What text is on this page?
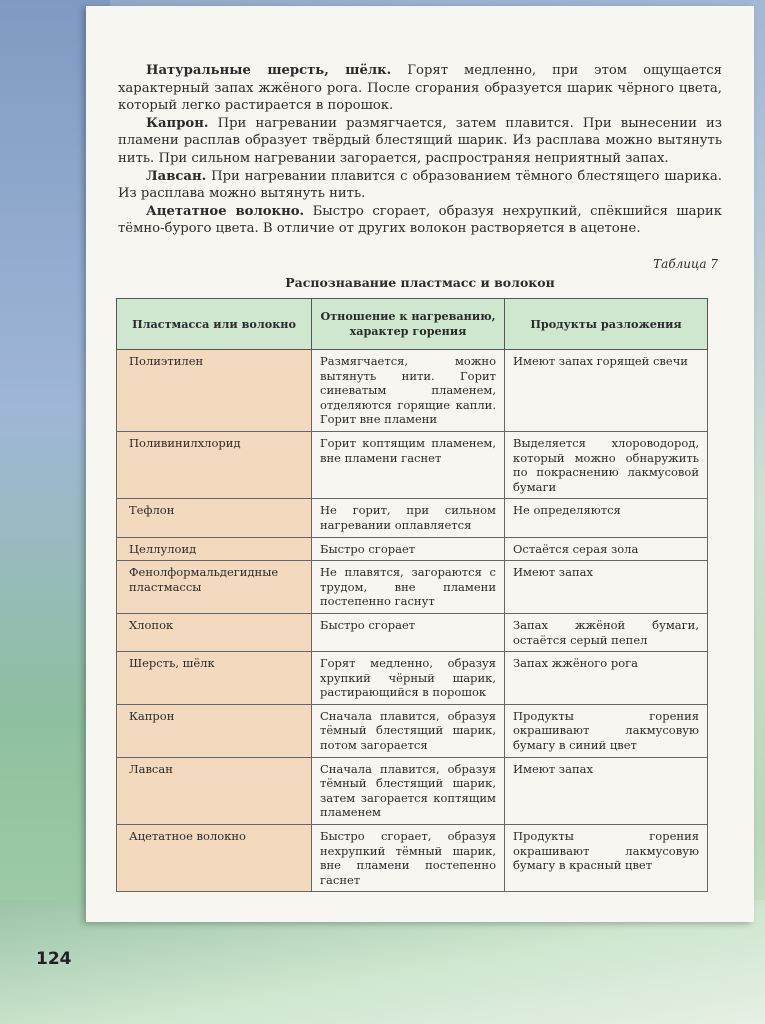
Натуральные шерсть, шёлк. Горят медленно, при этом ощущается характерный запах жжёного рога. После сгорания образуется шарик чёрного цвета, который легко растирается в порошок.

Капрон. При нагревании размягчается, затем плавится. При вынесении из пламени расплав образует твёрдый блестящий шарик. Из расплава можно вытянуть нить. При сильном нагревании загорается, распространяя неприятный запах.

Лавсан. При нагревании плавится с образованием тёмного блестящего шарика. Из расплава можно вытянуть нить.

Ацетатное волокно. Быстро сгорает, образуя нехрупкий, спёкшийся шарик тёмно-бурого цвета. В отличие от других волокон растворяется в ацетоне.

Таблица 7
Распознавание пластмасс и волокон
Пластмасса или волокно	Отношение к нагреванию, характер горения	Продукты разложения
Полиэтилен	Размягчается, можно вытянуть нити. Горит синеватым пламенем, отделяются горящие капли. Горит вне пламени	Имеют запах горящей свечи
Поливинилхлорид	Горит коптящим пламенем, вне пламени гаснет	Выделяется хлороводород, который можно обнаружить по покраснению лакмусовой бумаги
Тефлон	Не горит, при сильном нагревании оплавляется	Не определяются
Целлулоид	Быстро сгорает	Остаётся серая зола
Фенолформальдегидные пластмассы	Не плавятся, загораются с трудом, вне пламени постепенно гаснут	Имеют запах
Хлопок	Быстро сгорает	Запах жжёной бумаги, остаётся серый пепел
Шерсть, шёлк	Горят медленно, образуя хрупкий чёрный шарик, растирающийся в порошок	Запах жжёного рога
Капрон	Сначала плавится, образуя тёмный блестящий шарик, потом загорается	Продукты горения окрашивают лакмусовую бумагу в синий цвет
Лавсан	Сначала плавится, образуя тёмный блестящий шарик, затем загорается коптящим пламенем	Имеют запах
Ацетатное волокно	Быстро сгорает, образуя нехрупкий тёмный шарик, вне пламени постепенно гаснет	Продукты горения окрашивают лакмусовую бумагу в красный цвет
124
